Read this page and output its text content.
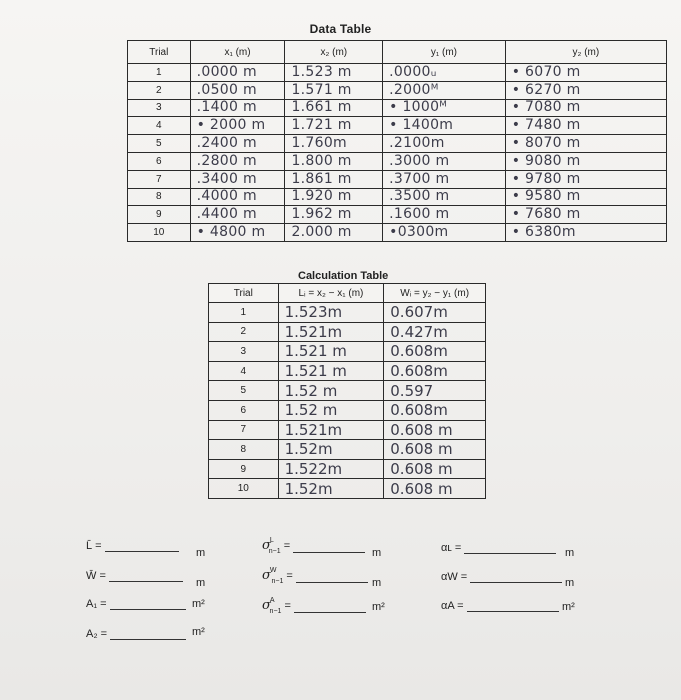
Data Table
Trial	x₁ (m)	x₂ (m)	y₁ (m)	y₂ (m)
1	.0000 m	1.523 m	.0000ᵤ	• 6070 m
2	.0500 m	1.571 m	.2000ᴹ	• 6270 m
3	.1400 m	1.661 m	• 1000ᴹ	• 7080 m
4	• 2000 m	1.721 m	• 1400m	• 7480 m
5	.2400 m	1.760m	.2100m	• 8070 m
6	.2800 m	1.800 m	.3000 m	• 9080 m
7	.3400 m	1.861 m	.3700 m	• 9780 m
8	.4000 m	1.920 m	.3500 m	• 9580 m
9	.4400 m	1.962 m	.1600 m	• 7680 m
10	• 4800 m	2.000 m	•0300m	• 6380m
Calculation Table
Trial	Lᵢ = x₂ − x₁ (m)	Wᵢ = y₂ − y₁ (m)
1	1.523m	0.607m
2	1.521m	0.427m
3	1.521 m	0.608m
4	1.521 m	0.608m
5	1.52 m	0.597
6	1.52 m	0.608m
7	1.521m	0.608 m
8	1.52m	0.608 m
9	1.522m	0.608 m
10	1.52m	0.608 m
L̄ =
m
W̄ =
m
A₁ =	m²
A₂ =	m²
$\sigma^L_{n-1}$ =
m
$\sigma^W_{n-1}$ =
m
$\sigma^A_{n-1}$ =	m²
αʟ =	m
αW =	m
αA =	m²
